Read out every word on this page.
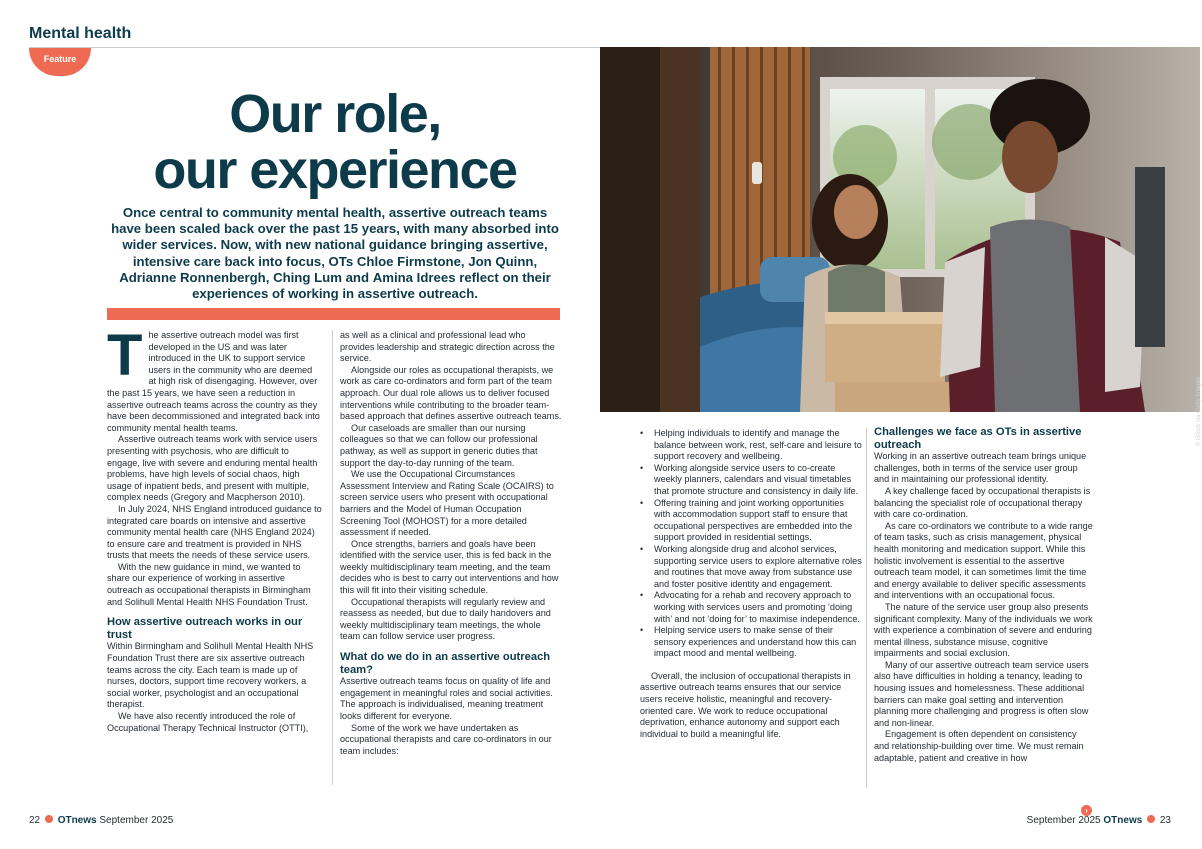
Mental health
Feature
Our role,
our experience
Once central to community mental health, assertive outreach teams have been scaled back over the past 15 years, with many absorbed into wider services. Now, with new national guidance bringing assertive, intensive care back into focus, OTs Chloe Firmstone, Jon Quinn, Adrianne Ronnenbergh, Ching Lum and Amina Idrees reflect on their experiences of working in assertive outreach.
T he assertive outreach model was first developed in the US and was later introduced in the UK to support service users in the community who are deemed at high risk of disengaging. However, over the past 15 years, we have seen a reduction in assertive outreach teams across the country as they have been decommissioned and integrated back into community mental health teams.

Assertive outreach teams work with service users presenting with psychosis, who are difficult to engage, live with severe and enduring mental health problems, have high levels of social chaos, high usage of inpatient beds, and present with multiple, complex needs (Gregory and Macpherson 2010).

In July 2024, NHS England introduced guidance to integrated care boards on intensive and assertive community mental health care (NHS England 2024) to ensure care and treatment is provided in NHS trusts that meets the needs of these service users.

With the new guidance in mind, we wanted to share our experience of working in assertive outreach as occupational therapists in Birmingham and Solihull Mental Health NHS Foundation Trust.

How assertive outreach works in our trust

Within Birmingham and Solihull Mental Health NHS Foundation Trust there are six assertive outreach teams across the city. Each team is made up of nurses, doctors, support time recovery workers, a social worker, psychologist and an occupational therapist.

We have also recently introduced the role of Occupational Therapy Technical Instructor (OTTI),

as well as a clinical and professional lead who provides leadership and strategic direction across the service.

Alongside our roles as occupational therapists, we work as care co-ordinators and form part of the team approach. Our dual role allows us to deliver focused interventions while contributing to the broader team-based approach that defines assertive outreach teams.

Our caseloads are smaller than our nursing colleagues so that we can follow our professional pathway, as well as support in generic duties that support the day-to-day running of the team.

We use the Occupational Circumstances Assessment Interview and Rating Scale (OCAIRS) to screen service users who present with occupational barriers and the Model of Human Occupation Screening Tool (MOHOST) for a more detailed assessment if needed.

Once strengths, barriers and goals have been identified with the service user, this is fed back in the weekly multidisciplinary team meeting, and the team decides who is best to carry out interventions and how this will fit into their visiting schedule.

Occupational therapists will regularly review and reassess as needed, but due to daily handovers and weekly multidisciplinary team meetings, the whole team can follow service user progress.

What do we do in an assertive outreach team?

Assertive outreach teams focus on quality of life and engagement in meaningful roles and social activities. The approach is individualised, meaning treatment looks different for everyone.

Some of the work we have undertaken as occupational therapists and care co-ordinators in our team includes:

22 OTnews September 2025
© iStock via Getty Images
• Helping individuals to identify and manage the balance between work, rest, self-care and leisure to support recovery and wellbeing.
• Working alongside service users to co-create weekly planners, calendars and visual timetables that promote structure and consistency in daily life.
• Offering training and joint working opportunities with accommodation support staff to ensure that occupational perspectives are embedded into the support provided in residential settings.
• Working alongside drug and alcohol services, supporting service users to explore alternative roles and routines that move away from substance use and foster positive identity and engagement.
• Advocating for a rehab and recovery approach to working with services users and promoting ‘doing with’ and not ‘doing for’ to maximise independence.
• Helping service users to make sense of their sensory experiences and understand how this can impact mood and mental wellbeing.

Overall, the inclusion of occupational therapists in assertive outreach teams ensures that our service users receive holistic, meaningful and recovery-oriented care. We work to reduce occupational deprivation, enhance autonomy and support each individual to build a meaningful life.

Challenges we face as OTs in assertive outreach

Working in an assertive outreach team brings unique challenges, both in terms of the service user group and in maintaining our professional identity.

A key challenge faced by occupational therapists is balancing the specialist role of occupational therapy with care co-ordination.

As care co-ordinators we contribute to a wide range of team tasks, such as crisis management, physical health monitoring and medication support. While this holistic involvement is essential to the assertive outreach team model, it can sometimes limit the time and energy available to deliver specific assessments and interventions with an occupational focus.

The nature of the service user group also presents significant complexity. Many of the individuals we work with experience a combination of severe and enduring mental illness, substance misuse, cognitive impairments and social exclusion.

Many of our assertive outreach team service users also have difficulties in holding a tenancy, leading to housing issues and homelessness. These additional barriers can make goal setting and intervention planning more challenging and progress is often slow and non-linear.

Engagement is often dependent on consistency and relationship-building over time. We must remain adaptable, patient and creative in how

›
September 2025 OTnews 23
